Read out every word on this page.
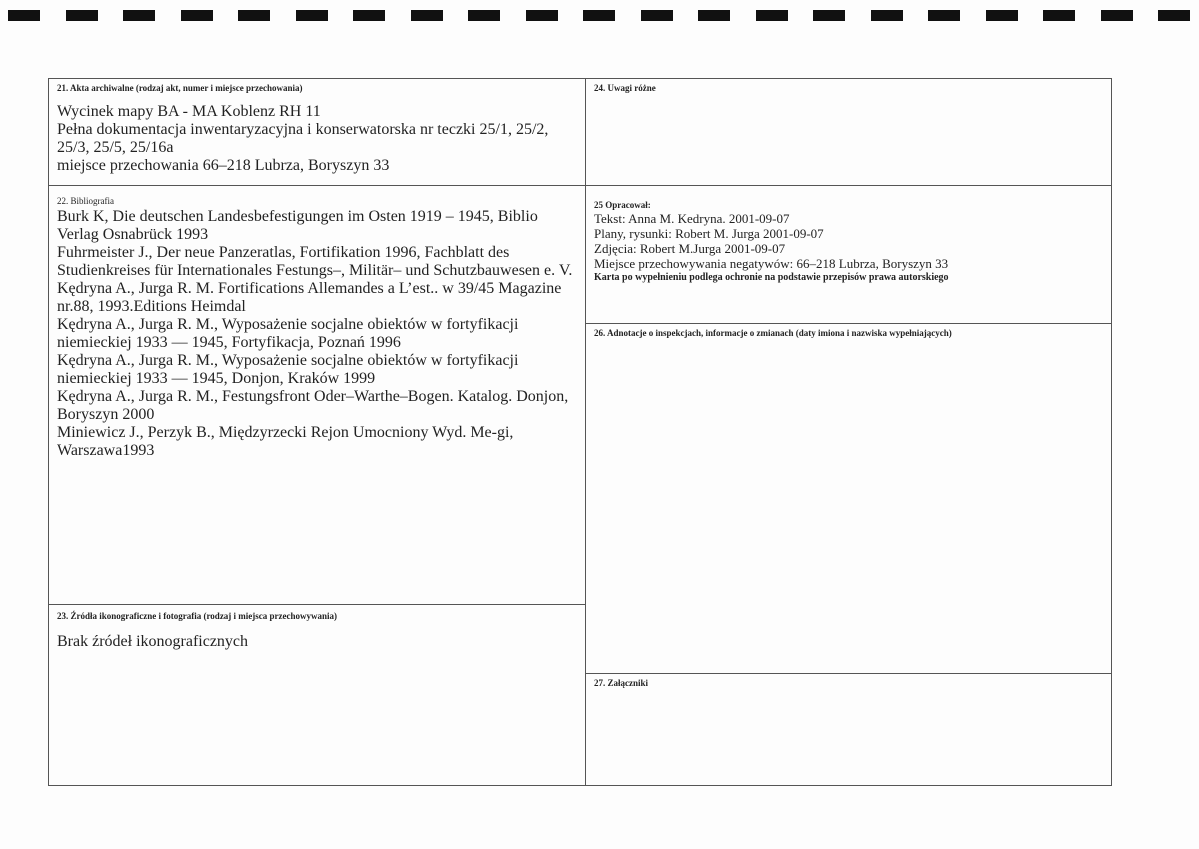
21. Akta archiwalne (rodzaj akt, numer i miejsce przechowania)
Wycinek mapy BA - MA Koblenz RH 11
Pełna dokumentacja inwentaryzacyjna i konserwatorska nr teczki 25/1, 25/2, 25/3, 25/5, 25/16a
miejsce przechowania 66–218 Lubrza, Boryszyn 33
22. Bibliografia
Burk K, Die deutschen Landesbefestigungen im Osten 1919 – 1945, Biblio Verlag Osnabrück 1993
Fuhrmeister J., Der neue Panzeratlas, Fortifikation 1996, Fachblatt des Studienkreises für Internationales Festungs–, Militär– und Schutzbauwesen e. V.
Kędryna A., Jurga R. M. Fortifications Allemandes a L’est.. w 39/45 Magazine nr.88, 1993.Editions Heimdal
Kędryna A., Jurga R. M., Wyposażenie socjalne obiektów w fortyfikacji niemieckiej 1933 — 1945, Fortyfikacja, Poznań 1996
Kędryna A., Jurga R. M., Wyposażenie socjalne obiektów w fortyfikacji niemieckiej 1933 — 1945, Donjon, Kraków 1999
Kędryna A., Jurga R. M., Festungsfront Oder–Warthe–Bogen. Katalog. Donjon, Boryszyn 2000
Miniewicz J., Perzyk B., Międzyrzecki Rejon Umocniony Wyd. Me-gi, Warszawa1993
23. Źródła ikonograficzne i fotografia (rodzaj i miejsca przechowywania)
Brak źródeł ikonograficznych
24. Uwagi różne
25 Opracował:
Tekst: Anna M. Kedryna. 2001-09-07
Plany, rysunki: Robert M. Jurga 2001-09-07
Zdjęcia: Robert M.Jurga 2001-09-07
Miejsce przechowywania negatywów: 66–218 Lubrza, Boryszyn 33
Karta po wypełnieniu podlega ochronie na podstawie przepisów prawa autorskiego
26. Adnotacje o inspekcjach, informacje o zmianach (daty imiona i nazwiska wypełniających)
27. Załączniki
